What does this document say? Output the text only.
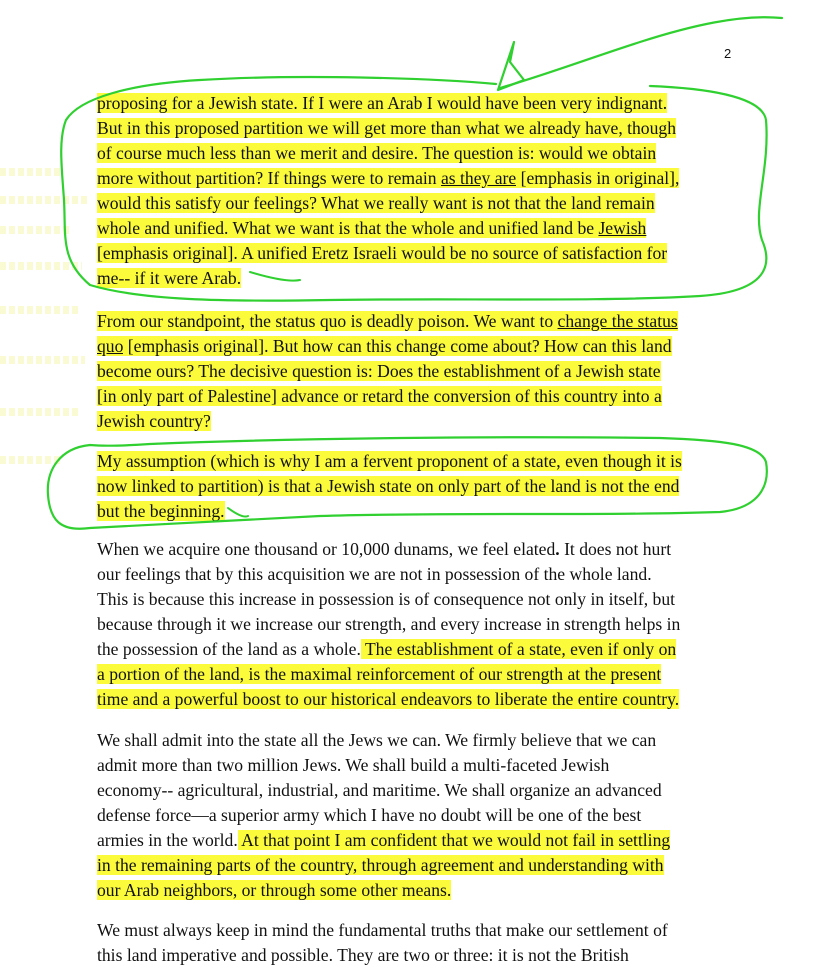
2
proposing for a Jewish state. If I were an Arab I would have been very indignant.
But in this proposed partition we will get more than what we already have, though
of course much less than we merit and desire. The question is: would we obtain
more without partition? If things were to remain as they are [emphasis in original],
would this satisfy our feelings? What we really want is not that the land remain
whole and unified. What we want is that the whole and unified land be Jewish
[emphasis original]. A unified Eretz Israeli would be no source of satisfaction for
me-- if it were Arab.
From our standpoint, the status quo is deadly poison. We want to change the status
quo [emphasis original]. But how can this change come about? How can this land
become ours? The decisive question is: Does the establishment of a Jewish state
[in only part of Palestine] advance or retard the conversion of this country into a
Jewish country?
My assumption (which is why I am a fervent proponent of a state, even though it is
now linked to partition) is that a Jewish state on only part of the land is not the end
but the beginning.
When we acquire one thousand or 10,000 dunams, we feel elated. It does not hurt
our feelings that by this acquisition we are not in possession of the whole land.
This is because this increase in possession is of consequence not only in itself, but
because through it we increase our strength, and every increase in strength helps in
the possession of the land as a whole. The establishment of a state, even if only on
a portion of the land, is the maximal reinforcement of our strength at the present
time and a powerful boost to our historical endeavors to liberate the entire country.
We shall admit into the state all the Jews we can. We firmly believe that we can
admit more than two million Jews. We shall build a multi-faceted Jewish
economy-- agricultural, industrial, and maritime. We shall organize an advanced
defense force—a superior army which I have no doubt will be one of the best
armies in the world. At that point I am confident that we would not fail in settling
in the remaining parts of the country, through agreement and understanding with
our Arab neighbors, or through some other means.
We must always keep in mind the fundamental truths that make our settlement of
this land imperative and possible. They are two or three: it is not the British
